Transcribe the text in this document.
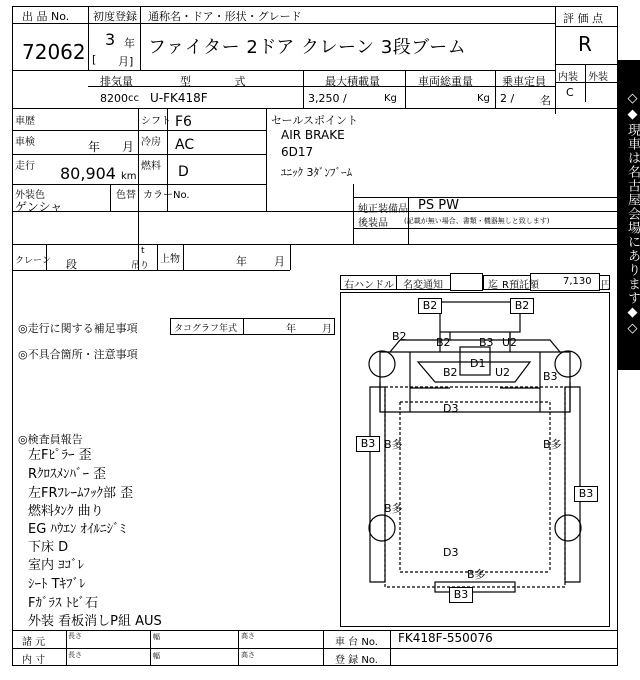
出 品 No.
72062
初度登録
3 年
[ 月]
通称名・ドア・形状・グレード
ファイター 2ドア クレーン 3段ブーム
評 価 点
R
内装 外装
C
排気量
8200 cc
型 式
U-FK418F
最大積載量
3,250 /	Kg
車両総重量
Kg
乗車定員
2 / 名
車歴	シフト F6
車検	年 月 冷房 AC
走行 80,904 km
燃料 D
外装色
ゲンシャ
色替 カラーNo.
クレーン 段
t
吊り
上物	年 月
セールスポイント
AIR BRAKE
6D17
ﾕﾆｯｸ 3ﾀﾞﾝﾌﾞｰﾑ
純正装備品 PS PW
後装品 (記載が無い場合、書類・機器無しと致します)
右ハンドル 名変通知	迄 R預託額 7,130 円
◎走行に関する補足事項	タコグラフ年式	年	月
◎不具合箇所・注意事項
◎検査員報告
左Fﾋﾟﾗｰ 歪
Rｸﾛｽﾒﾝﾊﾞｰ 歪
左FRﾌﾚｰﾑﾌｯｸ部 歪
燃料ﾀﾝｸ 曲り
EG ﾊｳｴﾝ ｵｲﾙﾆｼﾞﾐ
下床 D
室内 ﾖｺﾞﾚ
ｼｰﾄ Tｷﾌﾞﾚ
Fｶﾞﾗｽ ﾄﾋﾞ石
外装 看板消しP組 AUS
B2	B2
B2	B3 U2
B2
D1
B2	U2	B3
D3
B3 B多	B多
B3
B多
D3
B多
B3
諸 元
長さ	幅	高さ
内 寸	長さ	幅	高さ
車 台 No. FK418F-550076
登 録 No.
◇◆現車は名古屋会場にあります◆◇
